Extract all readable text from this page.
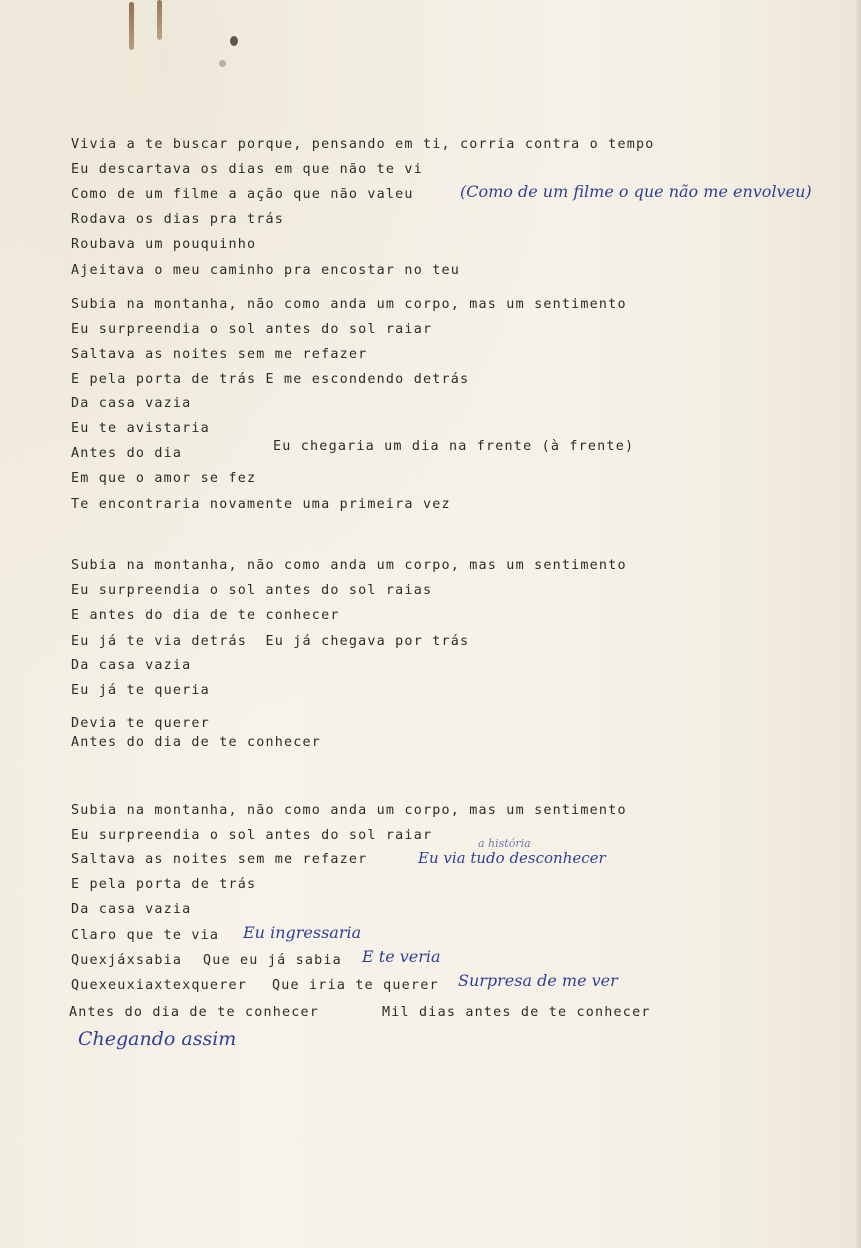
Vivia a te buscar porque, pensando em ti, corria contra o tempo
Eu descartava os dias em que não te vi
Como de um filme a ação que não valeu
Rodava os dias pra trás
Roubava um pouquinho
Ajeitava o meu caminho pra encostar no teu
Subia na montanha, não como anda um corpo, mas um sentimento
Eu surpreendia o sol antes do sol raiar
Saltava as noites sem me refazer
E pela porta de trás E me escondendo detrás
Da casa vazia
Eu te avistaria
Eu chegaria um dia na frente (à frente)
Antes do dia
Em que o amor se fez
Te encontraria novamente uma primeira vez
Subia na montanha, não como anda um corpo, mas um sentimento
Eu surpreendia o sol antes do sol raias
E antes do dia de te conhecer
Eu já te via detrás  Eu já chegava por trás
Da casa vazia
Eu já te queria
Devia te querer
Antes do dia de te conhecer
Subia na montanha, não como anda um corpo, mas um sentimento
Eu surpreendia o sol antes do sol raiar
Saltava as noites sem me refazer
E pela porta de trás
Da casa vazia
Claro que te via
Quexjáxsabia Que eu já sabia
Quexeuxiaxtexquerer Que iria te querer
Antes do dia de te conhecer	Mil dias antes de te conhecer
(Como de um filme o que não me envolveu)
a história
Eu via tudo desconhecer
Eu ingressaria
E te veria
Surpresa de me ver
Chegando assim
